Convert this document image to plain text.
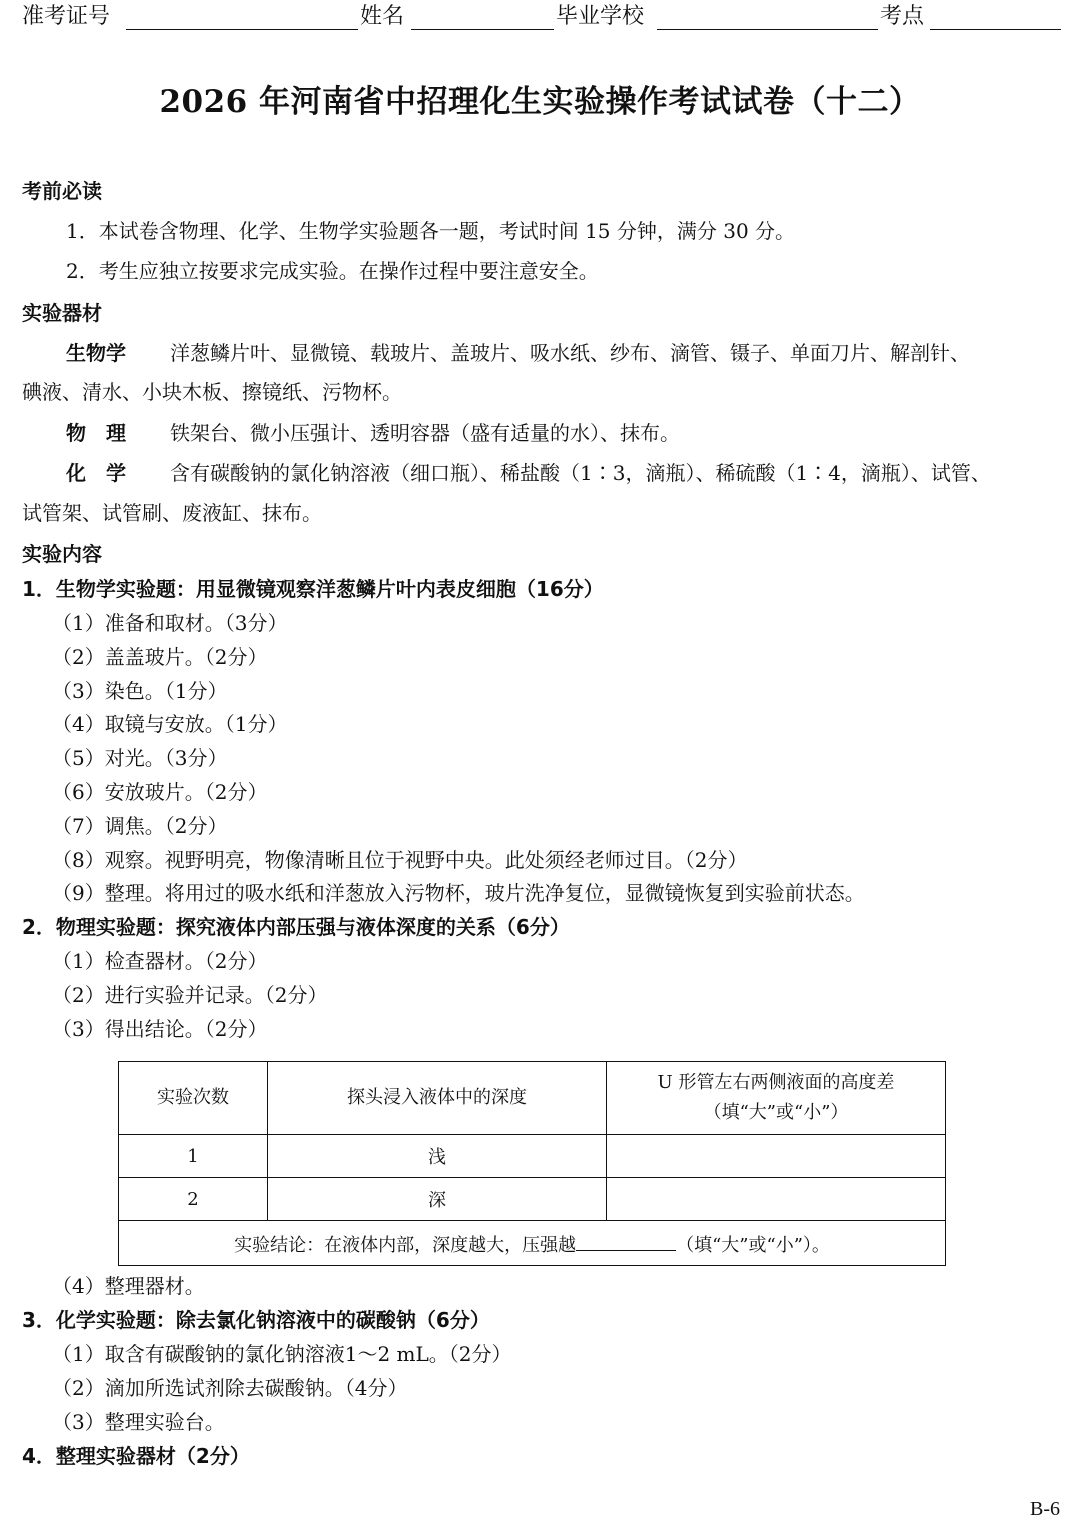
准考证号	姓名	毕业学校	考点
2026 年河南省中招理化生实验操作考试试卷（十二）
考前必读
1．本试卷含物理、化学、生物学实验题各一题，考试时间 15 分钟，满分 30 分。
2．考生应独立按要求完成实验。在操作过程中要注意安全。
实验器材
生物学 洋葱鳞片叶、显微镜、载玻片、盖玻片、吸水纸、纱布、滴管、镊子、单面刀片、解剖针、
碘液、清水、小块木板、擦镜纸、污物杯。
物　理 铁架台、微小压强计、透明容器（盛有适量的水）、抹布。
化　学 含有碳酸钠的氯化钠溶液（细口瓶）、稀盐酸（1∶3，滴瓶）、稀硫酸（1∶4，滴瓶）、试管、
试管架、试管刷、废液缸、抹布。
实验内容
1．生物学实验题：用显微镜观察洋葱鳞片叶内表皮细胞（16分）
（1）准备和取材。（3分）
（2）盖盖玻片。（2分）
（3）染色。（1分）
（4）取镜与安放。（1分）
（5）对光。（3分）
（6）安放玻片。（2分）
（7）调焦。（2分）
（8）观察。视野明亮，物像清晰且位于视野中央。此处须经老师过目。（2分）
（9）整理。将用过的吸水纸和洋葱放入污物杯，玻片洗净复位，显微镜恢复到实验前状态。
2．物理实验题：探究液体内部压强与液体深度的关系（6分）
（1）检查器材。（2分）
（2）进行实验并记录。（2分）
（3）得出结论。（2分）
实验次数	探头浸入液体中的深度	U 形管左右两侧液面的高度差
（填“大”或“小”）

1	浅	
2	深	
实验结论：在液体内部，深度越大，压强越 （填“大”或“小”）。		
（4）整理器材。
3．化学实验题：除去氯化钠溶液中的碳酸钠（6分）
（1）取含有碳酸钠的氯化钠溶液1～2 mL。（2分）
（2）滴加所选试剂除去碳酸钠。（4分）
（3）整理实验台。
4．整理实验器材（2分）
B-6
